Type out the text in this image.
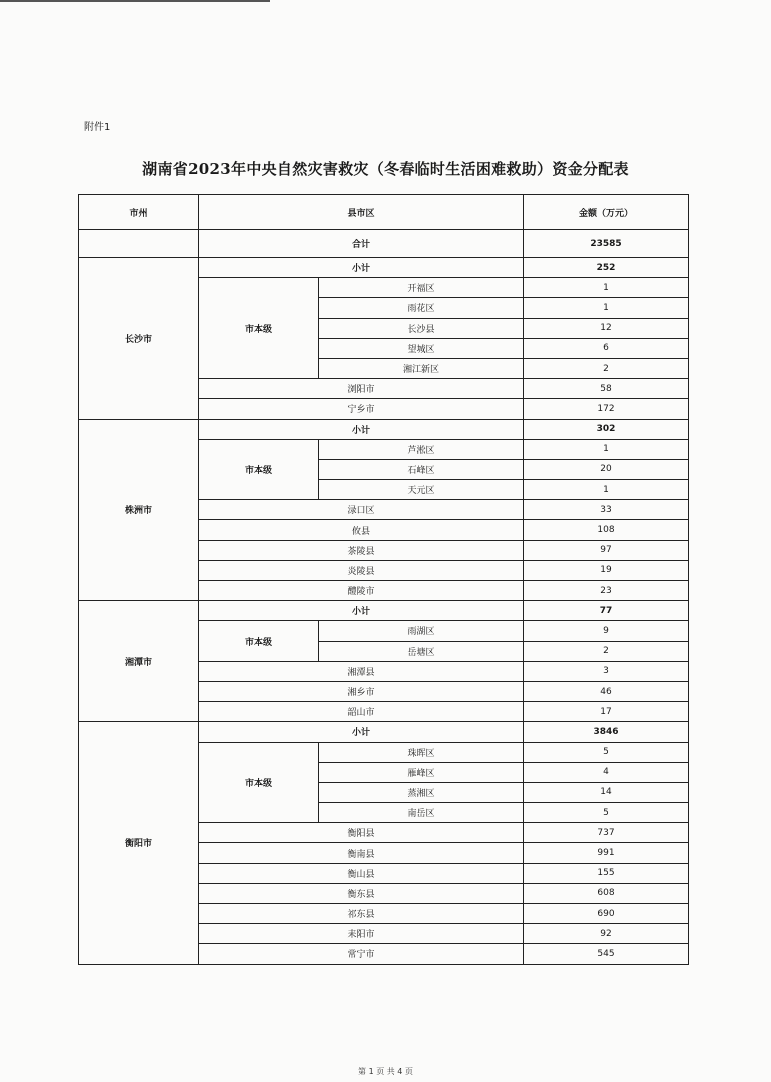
附件1
湖南省2023年中央自然灾害救灾（冬春临时生活困难救助）资金分配表
市州	县市区		金额（万元）
	合计		23585
长沙市	小计		252
	市本级	开福区	1
		雨花区	1
		长沙县	12
		望城区	6
		湘江新区	2
	浏阳市		58
	宁乡市		172
株洲市	小计		302
	市本级	芦淞区	1
		石峰区	20
		天元区	1
	渌口区		33
	攸县		108
	茶陵县		97
	炎陵县		19
	醴陵市		23
湘潭市	小计		77
	市本级	雨湖区	9
		岳塘区	2
	湘潭县		3
	湘乡市		46
	韶山市		17
衡阳市	小计		3846
	市本级	珠晖区	5
		雁峰区	4
		蒸湘区	14
		南岳区	5
	衡阳县		737
	衡南县		991
	衡山县		155
	衡东县		608
	祁东县		690
	耒阳市		92
	常宁市		545
第 1 页 共 4 页
